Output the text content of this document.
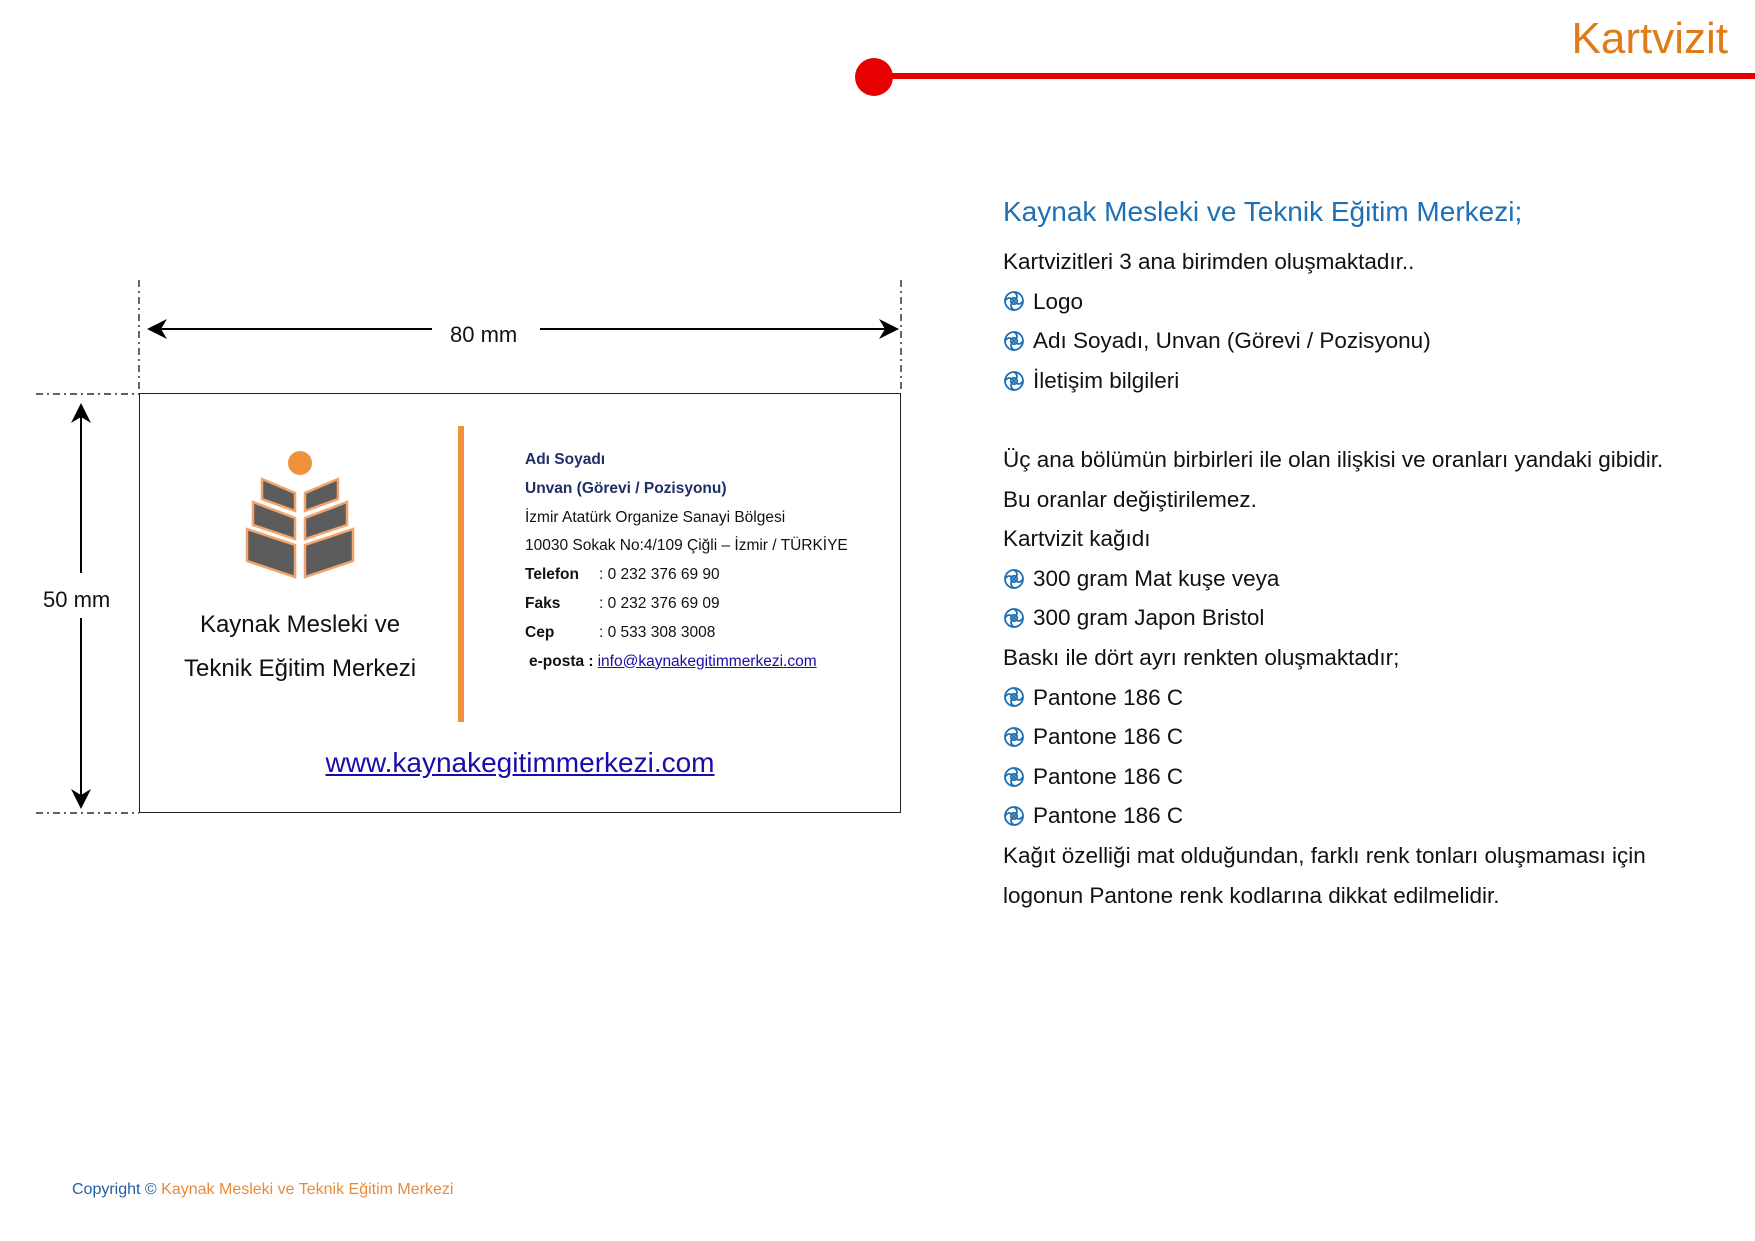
Kartvizit
80 mm
50 mm
Kaynak Mesleki ve
Teknik Eğitim Merkezi
Adı Soyadı
Unvan (Görevi / Pozisyonu)
İzmir Atatürk Organize Sanayi Bölgesi
10030 Sokak No:4/109 Çiğli – İzmir / TÜRKİYE
Telefon : 0 232 376 69 90
Faks : 0 232 376 69 09
Cep	: 0 533 308 3008
e-posta : info@kaynakegitimmerkezi.com
www.kaynakegitimmerkezi.com
Kaynak Mesleki ve Teknik Eğitim Merkezi;
Kartvizitleri 3 ana birimden oluşmaktadır..
Logo
Adı Soyadı, Unvan (Görevi / Pozisyonu)
İletişim bilgileri
Üç ana bölümün birbirleri ile olan ilişkisi ve oranları yandaki gibidir.
Bu oranlar değiştirilemez.
Kartvizit kağıdı
300 gram Mat kuşe veya
300 gram Japon Bristol
Baskı ile dört ayrı renkten oluşmaktadır;
Pantone 186 C
Pantone 186 C
Pantone 186 C
Pantone 186 C
Kağıt özelliği mat olduğundan, farklı renk tonları oluşmaması için
logonun Pantone renk kodlarına dikkat edilmelidir.
Copyright © Kaynak Mesleki ve Teknik Eğitim Merkezi
